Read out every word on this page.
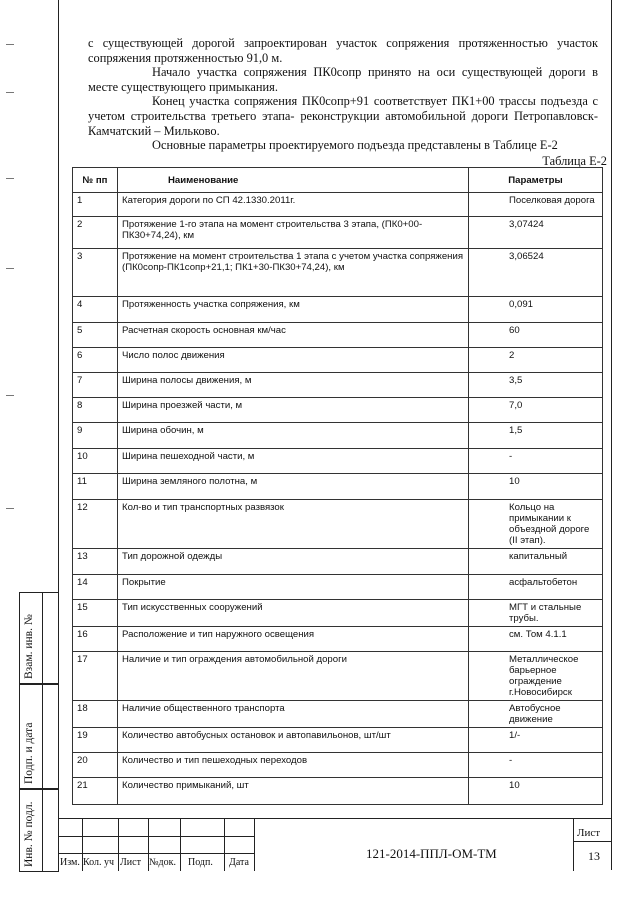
Взам. инв. №
Подп. и дата
Инв. № подл.

с существующей дорогой запроектирован участок сопряжения протяженностью участок сопряжения протяженностью 91,0 м.

Начало участка сопряжения ПК0сопр принято на оси существующей дороги в месте существующего примыкания.

Конец участка сопряжения ПК0сопр+91 соответствует ПК1+00 трассы подъезда с учетом строительства третьего этапа- реконструкции автомобильной дороги Петропавловск-Камчатский – Мильково.

Основные параметры проектируемого подъезда представлены в Таблице Е-2

Таблица Е-2
№ пп	Наименование	Параметры
1	Категория дороги по СП 42.1330.2011г.	Поселковая дорога
2	Протяжение 1-го этапа на момент строительства 3 этапа, (ПК0+00-ПК30+74,24), км	3,07424
3	Протяжение на момент строительства 1 этапа с учетом участка сопряжения (ПК0сопр-ПК1сопр+21,1; ПК1+30-ПК30+74,24), км	3,06524
4	Протяженность участка сопряжения, км	0,091
5	Расчетная скорость основная км/час	60
6	Число полос движения	2
7	Ширина полосы движения, м	3,5
8	Ширина проезжей части, м	7,0
9	Ширина обочин, м	1,5
10	Ширина пешеходной части, м	-
11	Ширина земляного полотна, м	10
12	Кол-во и тип транспортных развязок	Кольцо на примыкании к объездной дороге (II этап).
13	Тип дорожной одежды	капитальный
14	Покрытие	асфальтобетон
15	Тип искусственных сооружений	МГТ и стальные трубы.
16	Расположение и тип наружного освещения	см. Том 4.1.1
17	Наличие и тип ограждения автомобильной дороги	Металлическое барьерное ограждение г.Новосибирск
18	Наличие общественного транспорта	Автобусное движение
19	Количество автобусных остановок и автопавильонов, шт/шт	1/-
20	Количество и тип пешеходных переходов	-
21	Количество примыканий, шт	10
Изм. Кол. уч Лист №док. Подп. Дата
121-2014-ППЛ-ОМ-ТМ
Лист
13
